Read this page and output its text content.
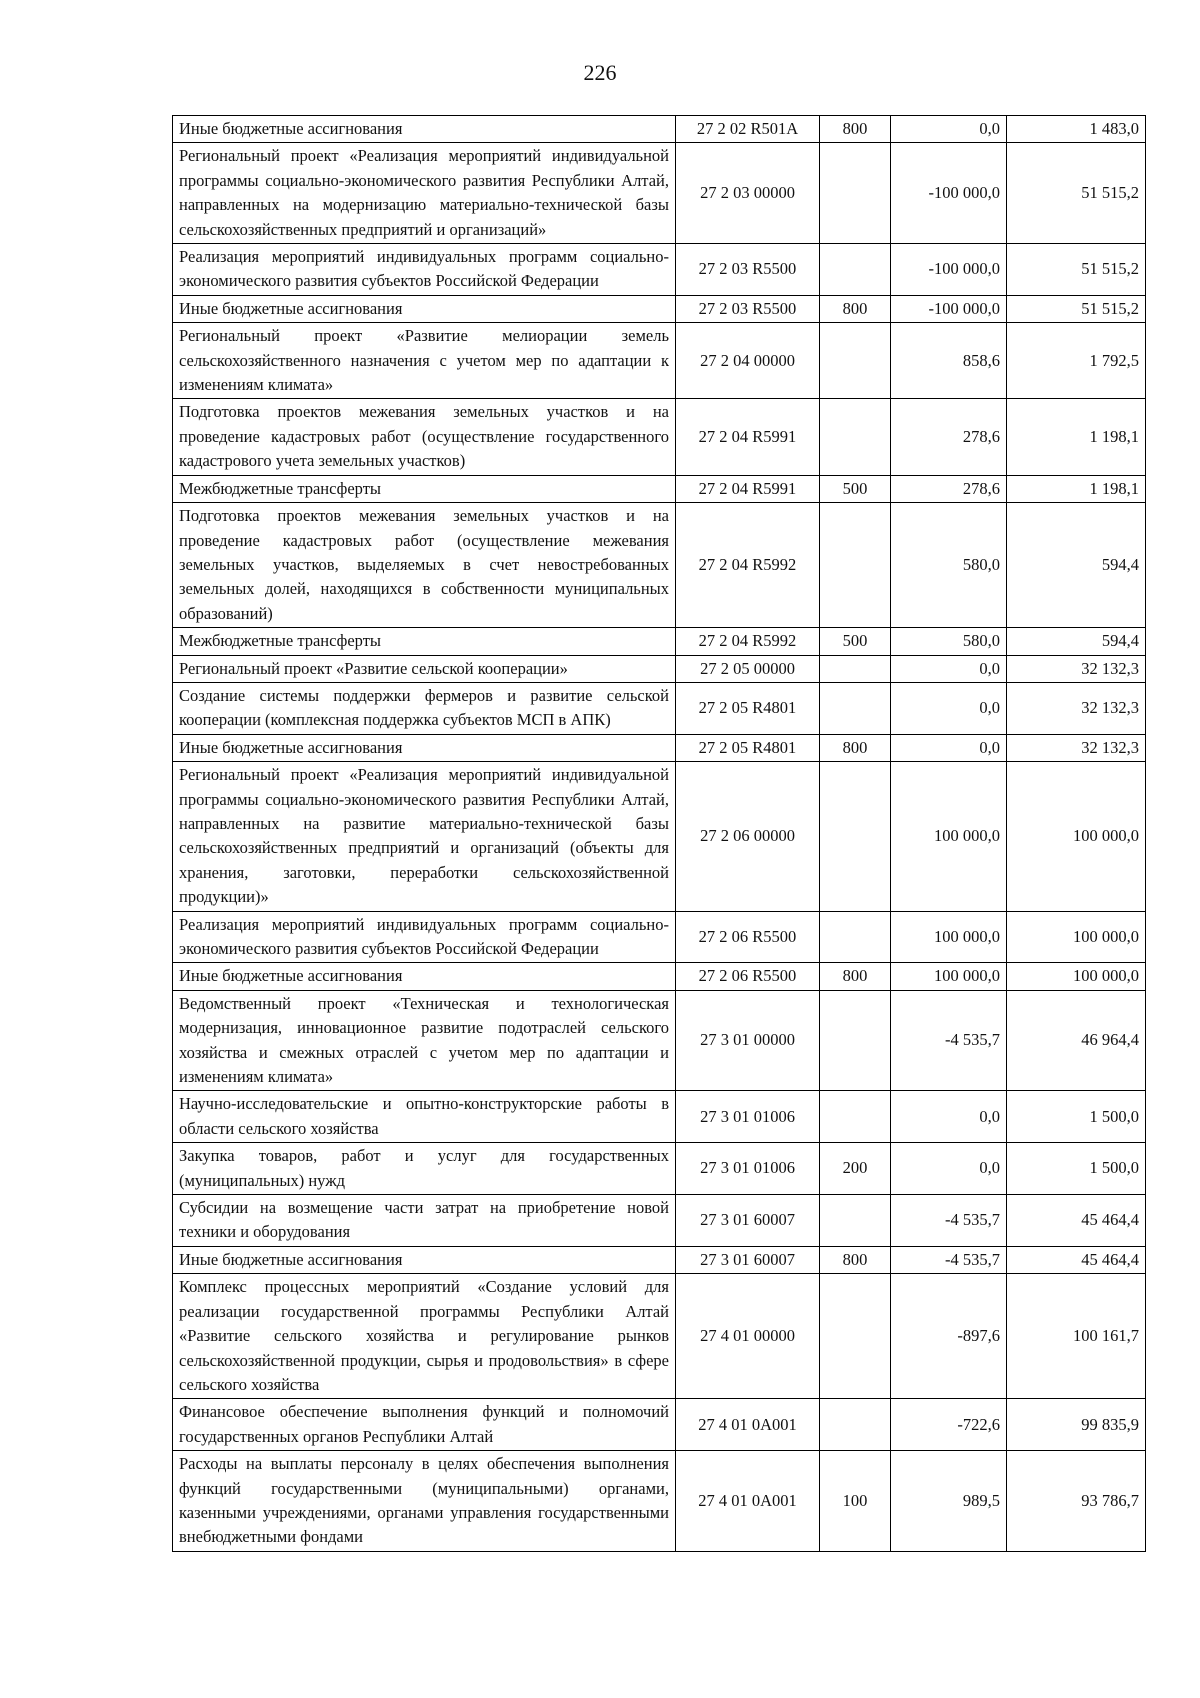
226
Иные бюджетные ассигнования	27 2 02 R501A	800	0,0	1 483,0
Региональный проект «Реализация мероприятий индивидуальной программы социально-экономического развития Республики Алтай, направленных на модернизацию материально-технической базы сельскохозяйственных предприятий и организаций»	27 2 03 00000		-100 000,0	51 515,2
Реализация мероприятий индивидуальных программ социально-экономического развития субъектов Российской Федерации	27 2 03 R5500		-100 000,0	51 515,2
Иные бюджетные ассигнования	27 2 03 R5500	800	-100 000,0	51 515,2
Региональный проект «Развитие мелиорации земель сельскохозяйственного назначения с учетом мер по адаптации к изменениям климата»	27 2 04 00000		858,6	1 792,5
Подготовка проектов межевания земельных участков и на проведение кадастровых работ (осуществление государственного кадастрового учета земельных участков)	27 2 04 R5991		278,6	1 198,1
Межбюджетные трансферты	27 2 04 R5991	500	278,6	1 198,1
Подготовка проектов межевания земельных участков и на проведение кадастровых работ (осуществление межевания земельных участков, выделяемых в счет невостребованных земельных долей, находящихся в собственности муниципальных образований)	27 2 04 R5992		580,0	594,4
Межбюджетные трансферты	27 2 04 R5992	500	580,0	594,4
Региональный проект «Развитие сельской кооперации»	27 2 05 00000		0,0	32 132,3
Создание системы поддержки фермеров и развитие сельской кооперации (комплексная поддержка субъектов МСП в АПК)	27 2 05 R4801		0,0	32 132,3
Иные бюджетные ассигнования	27 2 05 R4801	800	0,0	32 132,3
Региональный проект «Реализация мероприятий индивидуальной программы социально-экономического развития Республики Алтай, направленных на развитие материально-технической базы сельскохозяйственных предприятий и организаций (объекты для хранения, заготовки, переработки сельскохозяйственной продукции)»	27 2 06 00000		100 000,0	100 000,0
Реализация мероприятий индивидуальных программ социально-экономического развития субъектов Российской Федерации	27 2 06 R5500		100 000,0	100 000,0
Иные бюджетные ассигнования	27 2 06 R5500	800	100 000,0	100 000,0
Ведомственный проект «Техническая и технологическая модернизация, инновационное развитие подотраслей сельского хозяйства и смежных отраслей с учетом мер по адаптации и изменениям климата»	27 3 01 00000		-4 535,7	46 964,4
Научно-исследовательские и опытно-конструкторские работы в области сельского хозяйства	27 3 01 01006		0,0	1 500,0
Закупка товаров, работ и услуг для государственных (муниципальных) нужд	27 3 01 01006	200	0,0	1 500,0
Субсидии на возмещение части затрат на приобретение новой техники и оборудования	27 3 01 60007		-4 535,7	45 464,4
Иные бюджетные ассигнования	27 3 01 60007	800	-4 535,7	45 464,4
Комплекс процессных мероприятий «Создание условий для реализации государственной программы Республики Алтай «Развитие сельского хозяйства и регулирование рынков сельскохозяйственной продукции, сырья и продовольствия» в сфере сельского хозяйства	27 4 01 00000		-897,6	100 161,7
Финансовое обеспечение выполнения функций и полномочий государственных органов Республики Алтай	27 4 01 0A001		-722,6	99 835,9
Расходы на выплаты персоналу в целях обеспечения выполнения функций государственными (муниципальными) органами, казенными учреждениями, органами управления государственными внебюджетными фондами	27 4 01 0A001	100	989,5	93 786,7
